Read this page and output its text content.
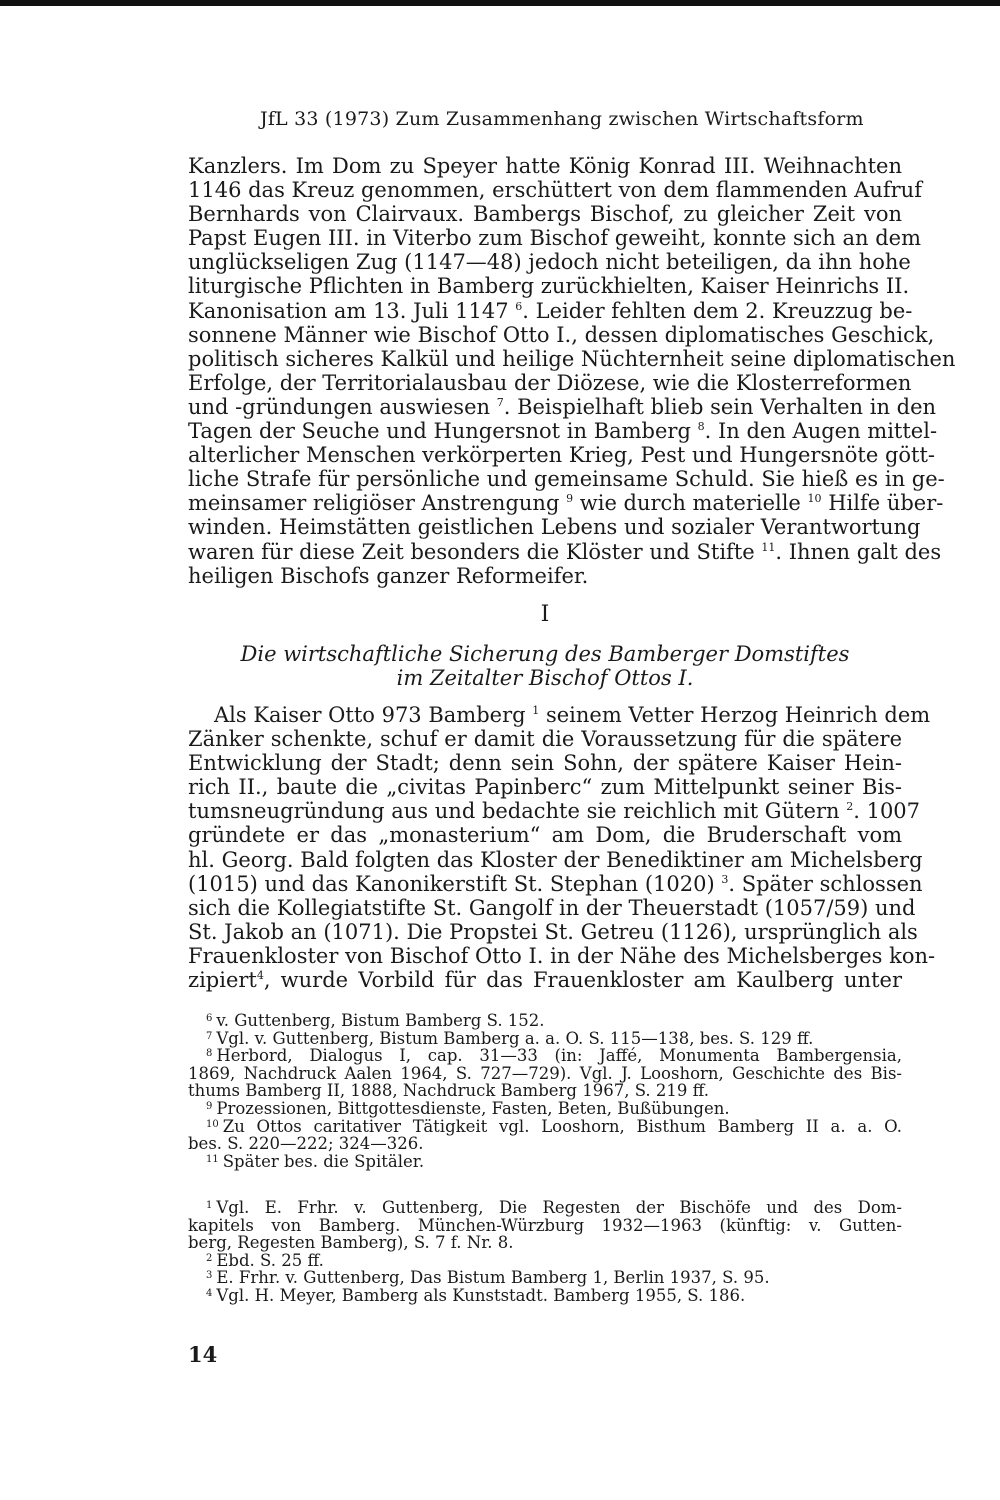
JfL 33 (1973) Zum Zusammenhang zwischen Wirtschaftsform
Kanzlers. Im Dom zu Speyer hatte König Konrad III. Weihnachten
1146 das Kreuz genommen, erschüttert von dem flammenden Aufruf
Bernhards von Clairvaux. Bambergs Bischof, zu gleicher Zeit von
Papst Eugen III. in Viterbo zum Bischof geweiht, konnte sich an dem
unglückseligen Zug (1147—48) jedoch nicht beteiligen, da ihn hohe
liturgische Pflichten in Bamberg zurückhielten, Kaiser Heinrichs II.
Kanonisation am 13. Juli 1147 $^6$. Leider fehlten dem 2. Kreuzzug be-
sonnene Männer wie Bischof Otto I., dessen diplomatisches Geschick,
politisch sicheres Kalkül und heilige Nüchternheit seine diplomatischen
Erfolge, der Territorialausbau der Diözese, wie die Klosterreformen
und -gründungen auswiesen $^7$. Beispielhaft blieb sein Verhalten in den
Tagen der Seuche und Hungersnot in Bamberg $^8$. In den Augen mittel-
alterlicher Menschen verkörperten Krieg, Pest und Hungersnöte gött-
liche Strafe für persönliche und gemeinsame Schuld. Sie hieß es in ge-
meinsamer religiöser Anstrengung $^9$ wie durch materielle $^{10}$ Hilfe über-
winden. Heimstätten geistlichen Lebens und sozialer Verantwortung
waren für diese Zeit besonders die Klöster und Stifte $^{11}$. Ihnen galt des
heiligen Bischofs ganzer Reformeifer.
I
Die wirtschaftliche Sicherung des Bamberger Domstiftes
im Zeitalter Bischof Ottos I.
Als Kaiser Otto 973 Bamberg $^1$ seinem Vetter Herzog Heinrich dem
Zänker schenkte, schuf er damit die Voraussetzung für die spätere
Entwicklung der Stadt; denn sein Sohn, der spätere Kaiser Hein-
rich II., baute die „civitas Papinberc“ zum Mittelpunkt seiner Bis-
tumsneugründung aus und bedachte sie reichlich mit Gütern $^2$. 1007
gründete er das „monasterium“ am Dom, die Bruderschaft vom
hl. Georg. Bald folgten das Kloster der Benediktiner am Michelsberg
(1015) und das Kanonikerstift St. Stephan (1020) $^3$. Später schlossen
sich die Kollegiatstifte St. Gangolf in der Theuerstadt (1057/59) und
St. Jakob an (1071). Die Propstei St. Getreu (1126), ursprünglich als
Frauenkloster von Bischof Otto I. in der Nähe des Michelsberges kon-
zipiert$^4$, wurde Vorbild für das Frauenkloster am Kaulberg unter
$^6$ v. Guttenberg, Bistum Bamberg S. 152.
$^7$ Vgl. v. Guttenberg, Bistum Bamberg a. a. O. S. 115—138, bes. S. 129 ff.
$^8$ Herbord, Dialogus I, cap. 31—33 (in: Jaffé, Monumenta Bambergensia,
1869, Nachdruck Aalen 1964, S. 727—729). Vgl. J. Looshorn, Geschichte des Bis-
thums Bamberg II, 1888, Nachdruck Bamberg 1967, S. 219 ff.
$^9$ Prozessionen, Bittgottesdienste, Fasten, Beten, Bußübungen.
$^{10}$ Zu Ottos caritativer Tätigkeit vgl. Looshorn, Bisthum Bamberg II a. a. O.
bes. S. 220—222; 324—326.
$^{11}$ Später bes. die Spitäler.
$^1$ Vgl. E. Frhr. v. Guttenberg, Die Regesten der Bischöfe und des Dom-
kapitels von Bamberg. München-Würzburg 1932—1963 (künftig: v. Gutten-
berg, Regesten Bamberg), S. 7 f. Nr. 8.
$^2$ Ebd. S. 25 ff.
$^3$ E. Frhr. v. Guttenberg, Das Bistum Bamberg 1, Berlin 1937, S. 95.
$^4$ Vgl. H. Meyer, Bamberg als Kunststadt. Bamberg 1955, S. 186.
14
